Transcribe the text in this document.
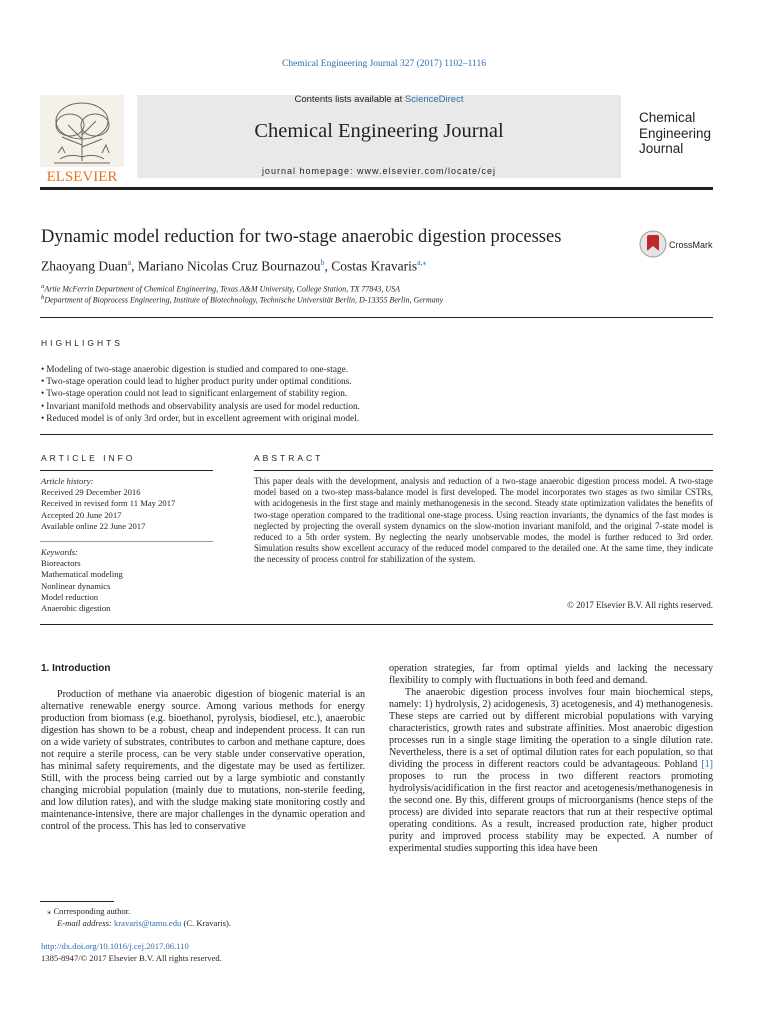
Chemical Engineering Journal 327 (2017) 1102–1116
ELSEVIER
Contents lists available at ScienceDirect
Chemical Engineering Journal
journal homepage: www.elsevier.com/locate/cej
Chemical
Engineering
Journal
Dynamic model reduction for two-stage anaerobic digestion processes	CrossMark
Zhaoyang Duan$^a$, Mariano Nicolas Cruz Bournazou$^b$, Costas Kravaris$^{a,⁎}$
$^a$Artie McFerrin Department of Chemical Engineering, Texas A&M University, College Station, TX 77843, USA
$^b$Department of Bioprocess Engineering, Institute of Biotechnology, Technische Universität Berlin, D-13355 Berlin, Germany
HIGHLIGHTS
• Modeling of two-stage anaerobic digestion is studied and compared to one-stage.
• Two-stage operation could lead to higher product purity under optimal conditions.
• Two-stage operation could not lead to significant enlargement of stability region.
• Invariant manifold methods and observability analysis are used for model reduction.
• Reduced model is of only 3rd order, but in excellent agreement with original model.
ARTICLE INFO
Article history:
Received 29 December 2016
Received in revised form 11 May 2017
Accepted 20 June 2017
Available online 22 June 2017
Keywords:
Bioreactors
Mathematical modeling
Nonlinear dynamics
Model reduction
Anaerobic digestion
ABSTRACT
This paper deals with the development, analysis and reduction of a two-stage anaerobic digestion process model. A two-stage model based on a two-step mass-balance model is first developed. The model incorporates two stages as two similar CSTRs, with acidogenesis in the first stage and mainly methanogenesis in the second. Steady state optimization validates the benefits of two-stage operation compared to the traditional one-stage process. Using reaction invariants, the dynamics of the fast modes is neglected by projecting the overall system dynamics on the slow-motion invariant manifold, and the original 7-state model is reduced to a 5th order system. By neglecting the nearly unobservable modes, the model is further reduced to 3rd order. Simulation results show excellent accuracy of the reduced model compared to the detailed one. At the same time, they indicate the necessity of process control for stabilization of the system.
© 2017 Elsevier B.V. All rights reserved.
1. Introduction

Production of methane via anaerobic digestion of biogenic material is an alternative renewable energy source. Among various methods for energy production from biomass (e.g. bioethanol, pyrolysis, biodiesel, etc.), anaerobic digestion has shown to be a robust, cheap and independent process. It can run on a wide variety of substrates, contributes to carbon and methane capture, does not require a sterile process, can be very stable under conservative operation, has minimal safety requirements, and the digestate may be used as fertilizer. Still, with the process being carried out by a large symbiotic and constantly changing microbial population (mainly due to mutations, non-sterile feeding, and low dilution rates), and with the sludge making state monitoring costly and maintenance-intensive, there are major challenges in the dynamic operation and control of the process. This has led to conservative

operation strategies, far from optimal yields and lacking the necessary flexibility to comply with fluctuations in both feed and demand.

The anaerobic digestion process involves four main biochemical steps, namely: 1) hydrolysis, 2) acidogenesis, 3) acetogenesis, and 4) methanogenesis. These steps are carried out by different microbial populations with varying characteristics, growth rates and substrate affinities. Most anaerobic digestion processes run in a single stage limiting the operation to a single dilution rate. Nevertheless, there is a set of optimal dilution rates for each population, so that dividing the process in different reactors could be advantageous. Pohland [1] proposes to run the process in two different reactors promoting hydrolysis/acidification in the first reactor and acetogenesis/methanogenesis in the second one. By this, different groups of microorganisms (hence steps of the process) are divided into separate reactors that run at their respective optimal operating conditions. As a result, increased production rate, higher product purity and improved process stability may be expected. A number of experimental studies supporting this idea have been

⁎ Corresponding author.
E-mail address: kravaris@tamu.edu (C. Kravaris).
http://dx.doi.org/10.1016/j.cej.2017.06.110
1385-8947/© 2017 Elsevier B.V. All rights reserved.
